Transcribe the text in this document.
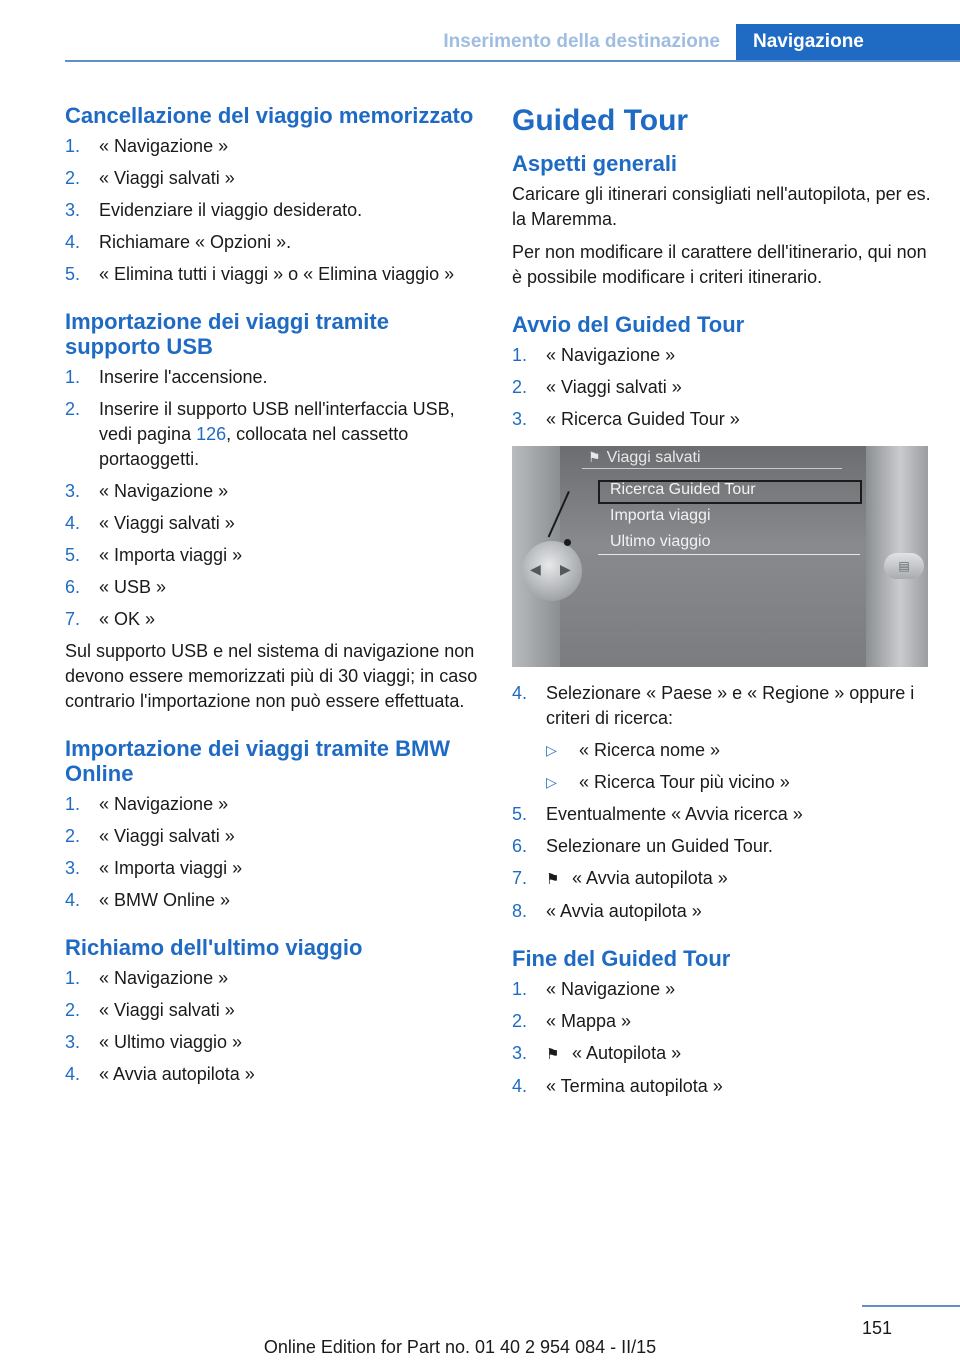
Inserimento della destinazione	Navigazione
Cancellazione del viaggio memorizzato
1. « Navigazione »
2. « Viaggi salvati »
3. Evidenziare il viaggio desiderato.
4. Richiamare « Opzioni ».
5. « Elimina tutti i viaggi » o « Elimina viaggio »
Importazione dei viaggi tramite supporto USB
1. Inserire l'accensione.
2. Inserire il supporto USB nell'interfaccia USB, vedi pagina 126, collocata nel cassetto portaoggetti.
3. « Navigazione »
4. « Viaggi salvati »
5. « Importa viaggi »
6. « USB »
7. « OK »
Sul supporto USB e nel sistema di navigazione non devono essere memorizzati più di 30 viaggi; in caso contrario l'importazione non può essere effettuata.
Importazione dei viaggi tramite BMW Online
1. « Navigazione »
2. « Viaggi salvati »
3. « Importa viaggi »
4. « BMW Online »
Richiamo dell'ultimo viaggio
1. « Navigazione »
2. « Viaggi salvati »
3. « Ultimo viaggio »
4. « Avvia autopilota »
Guided Tour
Aspetti generali
Caricare gli itinerari consigliati nell'autopilota, per es. la Maremma.
Per non modificare il carattere dell'itinerario, qui non è possibile modificare i criteri itinerario.
Avvio del Guided Tour
1. « Navigazione »
2. « Viaggi salvati »
3. « Ricerca Guided Tour »
◀ ▶	▤
⚑ Viaggi salvati
Ricerca Guided Tour
Importa viaggi
Ultimo viaggio
4. Selezionare « Paese » e « Regione » oppure i criteri di ricerca:
▷ « Ricerca nome »
▷ « Ricerca Tour più vicino »
5. Eventualmente « Avvia ricerca »
6. Selezionare un Guided Tour.
7. ⚑ « Avvia autopilota »
8. « Avvia autopilota »
Fine del Guided Tour
1. « Navigazione »
2. « Mappa »
3. ⚑ « Autopilota »
4. « Termina autopilota »
151
Online Edition for Part no. 01 40 2 954 084 - II/15
